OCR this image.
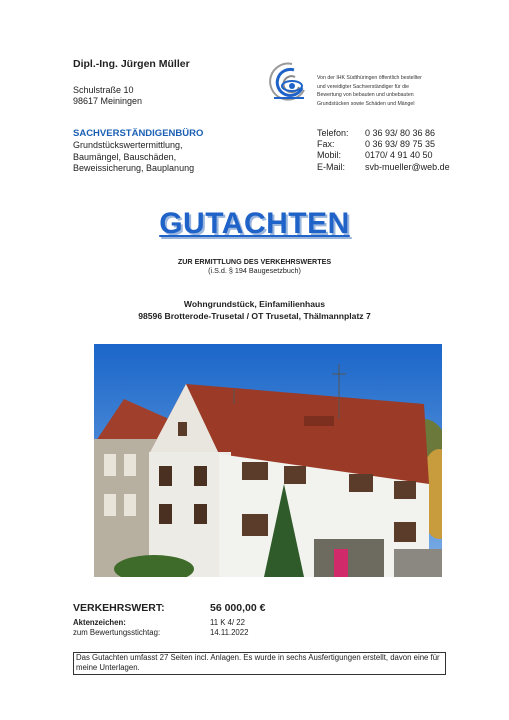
Dipl.-Ing. Jürgen Müller
Schulstraße 10
98617 Meiningen
SACHVERSTÄNDIGENBÜRO
Grundstückswertermittlung,
Baumängel, Bauschäden,
Beweissicherung, Bauplanung
Von der IHK Südthüringen öffentlich bestellter
und vereidigter Sachverständiger für die
Bewertung von bebauten und unbebauten
Grundstücken sowie Schäden und Mängel
Telefon:	0 36 93/ 80 36 86
Fax:	0 36 93/ 89 75 35
Mobil:	0170/ 4 91 40 50
E-Mail:	svb-mueller@web.de
GUTACHTEN
ZUR ERMITTLUNG DES VERKEHRSWERTES
(i.S.d. § 194 Baugesetzbuch)
Wohngrundstück, Einfamilienhaus
98596 Brotterode-Trusetal / OT Trusetal, Thälmannplatz 7
VERKEHRSWERT:	56 000,00 €
Aktenzeichen:	11 K 4/ 22
zum Bewertungsstichtag:	14.11.2022
Das Gutachten umfasst 27 Seiten incl. Anlagen. Es wurde in sechs Ausfertigungen erstellt, davon eine für meine Unterlagen.
